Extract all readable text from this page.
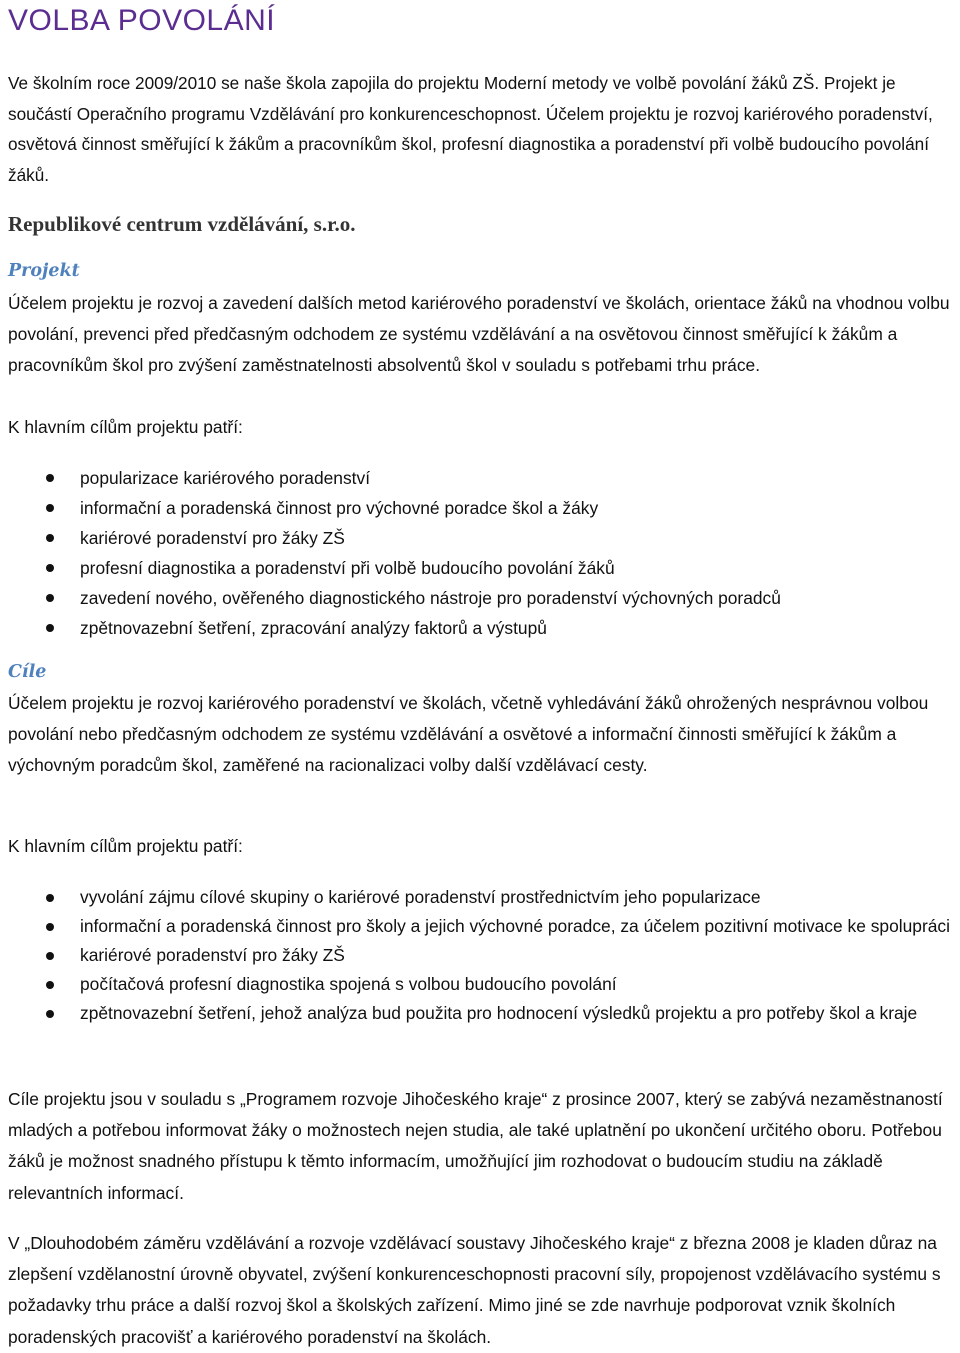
VOLBA POVOLÁNÍ

Ve školním roce 2009/2010 se naše škola zapojila do projektu Moderní metody ve volbě povolání žáků ZŠ. Projekt je součástí Operačního programu Vzdělávání pro konkurenceschopnost. Účelem projektu je rozvoj kariérového poradenství, osvětová činnost směřující k žákům a pracovníkům škol, profesní diagnostika a poradenství při volbě budoucího povolání žáků.

Republikové centrum vzdělávání, s.r.o.
Projekt

Účelem projektu je rozvoj a zavedení dalších metod kariérového poradenství ve školách, orientace žáků na vhodnou volbu povolání, prevenci před předčasným odchodem ze systému vzdělávání a na osvětovou činnost směřující k žákům a pracovníkům škol pro zvýšení zaměstnatelnosti absolventů škol v souladu s potřebami trhu práce.

K hlavním cílům projektu patří:

popularizace kariérového poradenství
informační a poradenská činnost pro výchovné poradce škol a žáky
kariérové poradenství pro žáky ZŠ
profesní diagnostika a poradenství při volbě budoucího povolání žáků
zavedení nového, ověřeného diagnostického nástroje pro poradenství výchovných poradců
zpětnovazební šetření, zpracování analýzy faktorů a výstupů
Cíle

Účelem projektu je rozvoj kariérového poradenství ve školách, včetně vyhledávání žáků ohrožených nesprávnou volbou povolání nebo předčasným odchodem ze systému vzdělávání a osvětové a informační činnosti směřující k žákům a výchovným poradcům škol, zaměřené na racionalizaci volby další vzdělávací cesty.

K hlavním cílům projektu patří:

vyvolání zájmu cílové skupiny o kariérové poradenství prostřednictvím jeho popularizace
informační a poradenská činnost pro školy a jejich výchovné poradce, za účelem pozitivní motivace ke spolupráci
kariérové poradenství pro žáky ZŠ
počítačová profesní diagnostika spojená s volbou budoucího povolání
zpětnovazební šetření, jehož analýza bud použita pro hodnocení výsledků projektu a pro potřeby škol a kraje

Cíle projektu jsou v souladu s „Programem rozvoje Jihočeského kraje“ z prosince 2007, který se zabývá nezaměstnaností mladých a potřebou informovat žáky o možnostech nejen studia, ale také uplatnění po ukončení určitého oboru. Potřebou žáků je možnost snadného přístupu k těmto informacím, umožňující jim rozhodovat o budoucím studiu na základě relevantních informací.

V „Dlouhodobém záměru vzdělávání a rozvoje vzdělávací soustavy Jihočeského kraje“ z března 2008 je kladen důraz na zlepšení vzdělanostní úrovně obyvatel, zvýšení konkurenceschopnosti pracovní síly, propojenost vzdělávacího systému s požadavky trhu práce a další rozvoj škol a školských zařízení. Mimo jiné se zde navrhuje podporovat vznik školních poradenských pracovišť a kariérového poradenství na školách.
